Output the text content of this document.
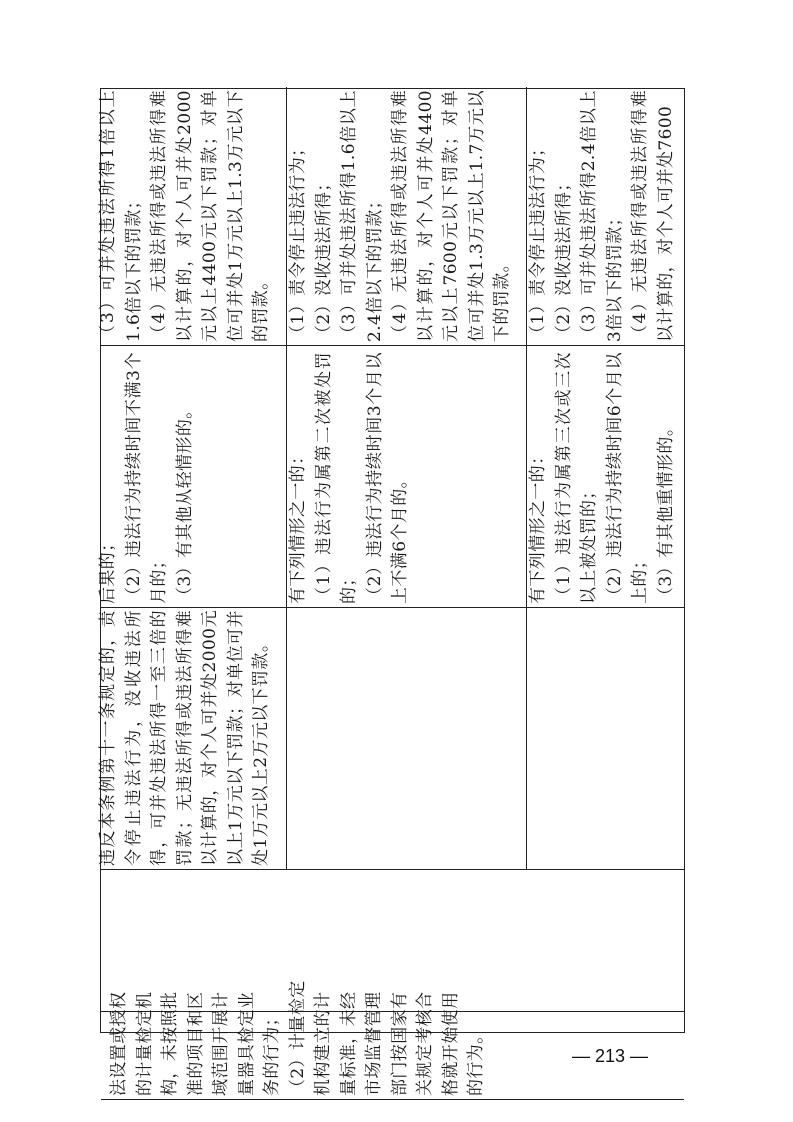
法设置或授权 的计量检定机 构，未按照批 准的项目和区 域范围开展计 量器具检定业 务的行为； （2）计量检定 机构建立的计 量标准，未经 市场监督管理 部门按国家有 关规定考核合 格就开始使用 的行为。

违反本条例第十一条规定的，责令停止违法行为，没收违法所得，可并处违法所得一至三倍的罚款；无违法所得或违法所得难以计算的，对个人可并处2000元以上1万元以下罚款；对单位可并处1万元以上2万元以下罚款。

后果的； （2）违法行为持续时间不满3个月的； （3）有其他从轻情形的。	有下列情形之一的： （1）违法行为属第二次被处罚的； （2）违法行为持续时间3个月以上不满6个月的。	有下列情形之一的： （1）违法行为属第三次或三次以上被处罚的； （2）违法行为持续时间6个月以上的； （3）有其他重情形的。

（3）可并处违法所得1倍以上1.6倍以下的罚款； （4）无违法所得或违法所得难以计算的，对个人可并处2000元以上4400元以下罚款；对单位可并处1万元以上1.3万元以下的罚款。 （1）责令停止违法行为； （2）没收违法所得； （3）可并处违法所得1.6倍以上2.4倍以下的罚款； （4）无违法所得或违法所得难以计算的，对个人可并处4400元以上7600元以下罚款；对单位可并处1.3万元以上1.7万元以下的罚款。 （1）责令停止违法行为； （2）没收违法所得； （3）可并处违法所得2.4倍以上3倍以下的罚款； （4）无违法所得或违法所得难以计算的，对个人可并处7600

— 213 —
